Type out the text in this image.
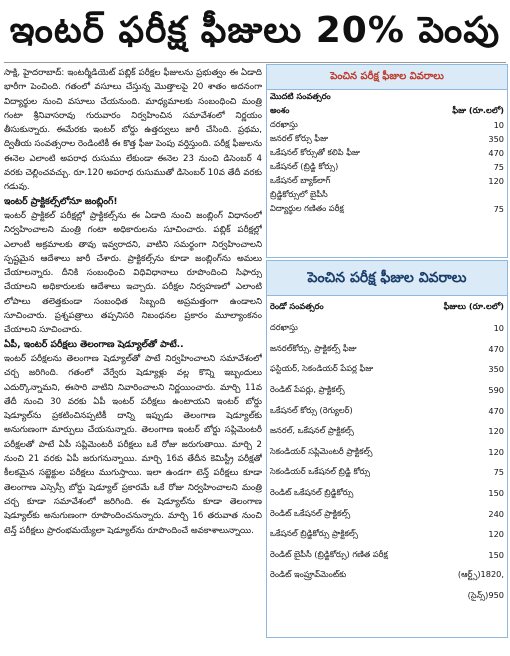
ఇంటర్ ఫరీక్ష ఫీజులు 20% పెంపు

సాక్షి, హైదరాబాద్: ఇంటర్మీడియెట్ పబ్లిక్ పరీక్షల ఫీజులను ప్రభుత్వం ఈ ఏడాది భారీగా పెంచింది. గతంలో వసూలు చేస్తున్న మొత్తాలపై 20 శాతం అదనంగా విద్యార్థుల నుంచి వసూలు చేయనుంది. మాధ్యమాలకు సంబంధించి మంత్రి గంటా శ్రీనివాసరావు గురువారం నిర్వహించిన సమావేశంలో నిర్ణయం తీసుకున్నారు. ఈమేరకు ఇంటర్ బోర్డు ఉత్తర్వులు జారీ చేసింది. ప్రథమ, ద్వితీయ సంవత్సరాల రెండింటికీ ఈ కొత్త ఫీజు పెంపు వర్తిస్తుంది. పరీక్ష ఫీజులను ఈనెల ఎలాంటి అపరాధ రుసుము లేకుండా ఈనెల 23 నుంచి డిసెంబర్ 4 వరకు చెల్లించవచ్చు. రూ.120 అపరాధ రుసుముతో డిసెంబర్ 10వ తేదీ వరకు గడువు.

ఇంటర్ ప్రాక్టికల్స్‌లోనూ జంబ్లింగ్!

ఇంటర్ ప్రాక్టికల్ పరీక్షల్లో ప్రాక్టికల్స్‌ను ఈ ఏడాది నుంచి జంబ్లింగ్ విధానంలో నిర్వహించాలని మంత్రి గంటా అధికారులను సూచించారు. పబ్లిక్ పరీక్షల్లో ఎలాంటి అక్రమాలకు తావు ఇవ్వరాదని, వాటిని సమర్థంగా నిర్వహించాలని స్పష్టమైన ఆదేశాలు జారీ చేశారు. ప్రాక్టికల్స్‌ను కూడా జంబ్లింగ్‌ను అమలు చేయాలన్నారు. దీనికి సంబంధించి విధివిధానాలు రూపొందించి సిఫార్సు చేయాలని అధికారులకు ఆదేశాలు ఇచ్చారు. పరీక్షల నిర్వహణలో ఎలాంటి లోపాలు తలెత్తకుండా సంబంధిత సిబ్బంది అప్రమత్తంగా ఉండాలని సూచించారు. ప్రశ్నపత్రాలు తప్పనిసరి నిబంధనల ప్రకారం మూల్యాంకనం చేయాలని సూచించారు.

ఏపీ, ఇంటర్ పరీక్షలు తెలంగాణ షెడ్యూల్‌తో పాటే..

ఇంటర్ పరీక్షలను తెలంగాణ షెడ్యూల్‌తో పాటే నిర్వహించాలని సమావేశంలో చర్చ జరిగింది. గతంలో వేర్వేరు షెడ్యూళ్లు వల్ల కొన్ని ఇబ్బందులు ఎదుర్కొన్నామని, ఈసారి వాటిని నివారించాలని నిర్ణయించారు. మార్చి 11వ తేదీ నుంచి 30 వరకు ఏపీ ఇంటర్ పరీక్షలు ఉంటాయని ఇంటర్ బోర్డు షెడ్యూల్‌ను ప్రకటించినప్పటికీ దాన్ని ఇప్పుడు తెలంగాణ షెడ్యూల్‌కు అనుగుణంగా మార్పులు చేయనున్నారు. తెలంగాణ ఇంటర్ బోర్డు సప్లిమెంటరీ పరీక్షలతో పాటే ఏపీ సప్లిమెంటరీ పరీక్షలు ఒకే రోజు జరుగుతాయి. మార్చి 2 నుంచి 21 వరకు ఏపీ జరుగనున్నాయి. మార్చి 16వ తేదీన కెమిస్ట్రీ పరీక్షతో కీలకమైన సబ్జెక్టుల పరీక్షలు ముగుస్తాయి. ఇలా ఉండగా టెన్త్ పరీక్షలు కూడా తెలంగాణ ఎస్సెస్సీ బోర్డు షెడ్యూల్ ప్రకారమే ఒకే రోజు నిర్వహించాలని మంత్రి చర్చ కూడా సమావేశంలో జరిగింది. ఈ షెడ్యూల్‌ను కూడా తెలంగాణ షెడ్యూల్‌కు అనుగుణంగా రూపొందించనున్నారు. మార్చి 16 తరువాత నుంచి టెన్త్ పరీక్షలు ప్రారంభమయ్యేలా షెడ్యూల్‌ను రూపొందించే అవకాశాలున్నాయి.

పెంచిన పరీక్ష ఫీజుల వివరాలు
మొదటి సంవత్సరం	
అంశం	ఫీజు (రూ.లలో)
దరఖాస్తు	10
జనరల్ కోర్సు ఫీజు	350
ఒకేషనల్ కోర్సుతో కలిపి ఫీజు	470
ఒకేషనల్ (బ్రిడ్జి కోర్సు)	75
ఒకేషనల్ బ్యాక్‌లాగ్	120
బ్రిడ్జికోర్సులో బైపీసీ	
విద్యార్థుల గణితం పరీక్ష	75
పెంచిన పరీక్ష ఫీజుల వివరాలు
రెండో సంవత్సరం	ఫీజులు (రూ.లలో)
దరఖాస్తు	10
జనరల్‌కోర్సు, ప్రాక్టికల్స్ ఫీజు	470
ఫస్టియర్, సెకండియర్ పేపర్ల ఫీజు	350
రెండిట్ పేపర్లు, ప్రాక్టికల్స్	590
ఒకేషనల్ కోర్సు (రెగ్యులర్)	470
జనరల్, ఒకేషనల్ ప్రాక్టికల్స్	120
సెకండియర్ సప్లిమెంటరీ ప్రాక్టికల్స్	120
సెకండియర్ ఒకేషనల్ బ్రిడ్జి కోర్సు	75
రెండిట్ ఒకేషనల్ బ్రిడ్జికోర్సు	150
రెండిట్ ఒకేషనల్ ప్రాక్టికల్స్	240
ఒకేషనల్ బ్రిడ్జికోర్సు ప్రాక్టికల్స్	120
రెండిట్ బైపీసీ (బ్రిడ్జికోర్సు) గణిత పరీక్ష	150
రెండిట్ ఇంప్రూవ్‌మెంట్‌కు	(ఆర్ట్స్)1820,
	(సైన్స్)950
